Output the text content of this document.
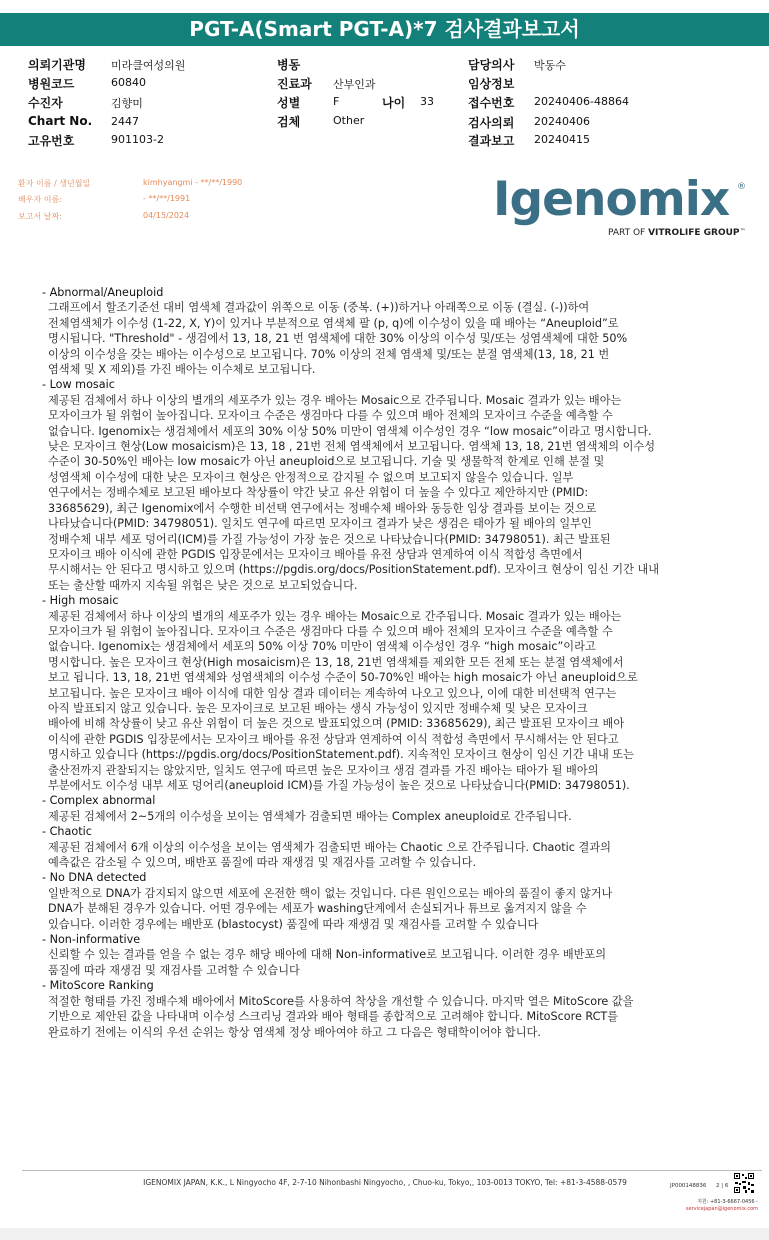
PGT-A(Smart PGT-A)*7 검사결과보고서
의뢰기관명 미라클여성의원
병원코드	60840
수진자	김향미
Chart No. 2447
고유번호	901103-2
병동
진료과 산부인과
성별	F	나이 33
검체	Other
담당의사 박동수
임상정보
접수번호 20240406-48864
검사의뢰 20240406
결과보고 20240415
환자 이름 / 생년월일	kimhyangmi - **/**/1990
배우자 이름:	- **/**/1991
보고서 날짜:	04/15/2024	Igenomix ®
PART OF VITROLIFE GROUP™
- Abnormal/Aneuploid
그래프에서 할조기준선 대비 염색체 결과값이 위쪽으로 이동 (중복. (+))하거나 아래쪽으로 이동 (결실. (-))하여
전체염색체가 이수성 (1-22, X, Y)이 있거나 부분적으로 염색체 팔 (p, q)에 이수성이 있을 때 배아는 “Aneuploid”로
명시됩니다. "Threshold" - 생검에서 13, 18, 21 번 염색체에 대한 30% 이상의 이수성 및/또는 성염색체에 대한 50%
이상의 이수성을 갖는 배아는 이수성으로 보고됩니다. 70% 이상의 전체 염색체 및/또는 분절 염색체(13, 18, 21 번
염색체 및 X 제외)를 가진 배아는 이수체로 보고됩니다.
- Low mosaic
제공된 검체에서 하나 이상의 별개의 세포주가 있는 경우 배아는 Mosaic으로 간주됩니다. Mosaic 결과가 있는 배아는
모자이크가 될 위험이 높아집니다. 모자이크 수준은 생검마다 다를 수 있으며 배아 전체의 모자이크 수준을 예측할 수
없습니다. Igenomix는 생검체에서 세포의 30% 이상 50% 미만이 염색체 이수성인 경우 “low mosaic”이라고 명시합니다.
낮은 모자이크 현상(Low mosaicism)은 13, 18 , 21번 전체 염색체에서 보고됩니다. 염색체 13, 18, 21번 염색체의 이수성
수준이 30-50%인 배아는 low mosaic가 아닌 aneuploid으로 보고됩니다. 기술 및 생물학적 한계로 인해 분절 및
성염색체 이수성에 대한 낮은 모자이크 현상은 안정적으로 감지될 수 없으며 보고되지 않을수 있습니다. 일부
연구에서는 정배수체로 보고된 배아보다 착상률이 약간 낮고 유산 위험이 더 높을 수 있다고 제안하지만 (PMID:
33685629), 최근 Igenomix에서 수행한 비선택 연구에서는 정배수체 배아와 동등한 임상 결과를 보이는 것으로
나타났습니다(PMID: 34798051). 일치도 연구에 따르면 모자이크 결과가 낮은 생검은 태아가 될 배아의 일부인
정배수체 내부 세포 덩어리(ICM)를 가질 가능성이 가장 높은 것으로 나타났습니다(PMID: 34798051). 최근 발표된
모자이크 배아 이식에 관한 PGDIS 입장문에서는 모자이크 배아를 유전 상담과 연계하여 이식 적합성 측면에서
무시해서는 안 된다고 명시하고 있으며 (https://pgdis.org/docs/PositionStatement.pdf). 모자이크 현상이 임신 기간 내내
또는 출산할 때까지 지속될 위험은 낮은 것으로 보고되었습니다.
- High mosaic
제공된 검체에서 하나 이상의 별개의 세포주가 있는 경우 배아는 Mosaic으로 간주됩니다. Mosaic 결과가 있는 배아는
모자이크가 될 위험이 높아집니다. 모자이크 수준은 생검마다 다를 수 있으며 배아 전체의 모자이크 수준을 예측할 수
없습니다. Igenomix는 생검체에서 세포의 50% 이상 70% 미만이 염색체 이수성인 경우 “high mosaic”이라고
명시합니다. 높은 모자이크 현상(High mosaicism)은 13, 18, 21번 염색체를 제외한 모든 전체 또는 분절 염색체에서
보고 됩니다. 13, 18, 21번 염색체와 성염색체의 이수성 수준이 50-70%인 배아는 high mosaic가 아닌 aneuploid으로
보고됩니다. 높은 모자이크 배아 이식에 대한 임상 결과 데이터는 계속하여 나오고 있으나, 이에 대한 비선택적 연구는
아직 발표되지 않고 있습니다. 높은 모자이크로 보고된 배아는 생식 가능성이 있지만 정배수체 및 낮은 모자이크
배아에 비해 착상률이 낮고 유산 위험이 더 높은 것으로 발표되었으며 (PMID: 33685629), 최근 발표된 모자이크 배아
이식에 관한 PGDIS 입장문에서는 모자이크 배아를 유전 상담과 연계하여 이식 적합성 측면에서 무시해서는 안 된다고
명시하고 있습니다 (https://pgdis.org/docs/PositionStatement.pdf). 지속적인 모자이크 현상이 임신 기간 내내 또는
출산전까지 관찰되지는 않았지만, 일치도 연구에 따르면 높은 모자이크 생검 결과를 가진 배아는 태아가 될 배아의
부분에서도 이수성 내부 세포 덩어리(aneuploid ICM)를 가질 가능성이 높은 것으로 나타났습니다(PMID: 34798051).
- Complex abnormal
제공된 검체에서 2~5개의 이수성을 보이는 염색체가 검출되면 배아는 Complex aneuploid로 간주됩니다.
- Chaotic
제공된 검체에서 6개 이상의 이수성을 보이는 염색체가 검출되면 배아는 Chaotic 으로 간주됩니다. Chaotic 결과의
예측값은 감소될 수 있으며, 배반포 품질에 따라 재생검 및 재검사를 고려할 수 있습니다.
- No DNA detected
일반적으로 DNA가 감지되지 않으면 세포에 온전한 핵이 없는 것입니다. 다른 원인으로는 배아의 품질이 좋지 않거나
DNA가 분해된 경우가 있습니다. 어떤 경우에는 세포가 washing단계에서 손실되거나 튜브로 옮겨지지 않을 수
있습니다. 이러한 경우에는 배반포 (blastocyst) 품질에 따라 재생검 및 재검사를 고려할 수 있습니다
- Non-informative
신뢰할 수 있는 결과를 얻을 수 없는 경우 해당 배아에 대해 Non-informative로 보고됩니다. 이러한 경우 배반포의
품질에 따라 재생검 및 재검사를 고려할 수 있습니다
- MitoScore Ranking
적절한 형태를 가진 정배수체 배아에서 MitoScore를 사용하여 착상을 개선할 수 있습니다. 마지막 열은 MitoScore 값을
기반으로 제안된 값을 나타내며 이수성 스크리닝 결과와 배아 형태를 종합적으로 고려해야 합니다. MitoScore RCT를
완료하기 전에는 이식의 우선 순위는 항상 염색체 정상 배아여야 하고 그 다음은 형태학이어야 합니다.
IGENOMIX JAPAN, K.K., L Ningyocho 4F, 2-7-10 Nihonbashi Ningyocho, , Chuo-ku, Tokyo,, 103-0013 TOKYO, Tel: +81-3-4588-0579	JP000148836 2 | 6
지원: +81-3-6667-0456 -
servicejapan@igenomix.com
